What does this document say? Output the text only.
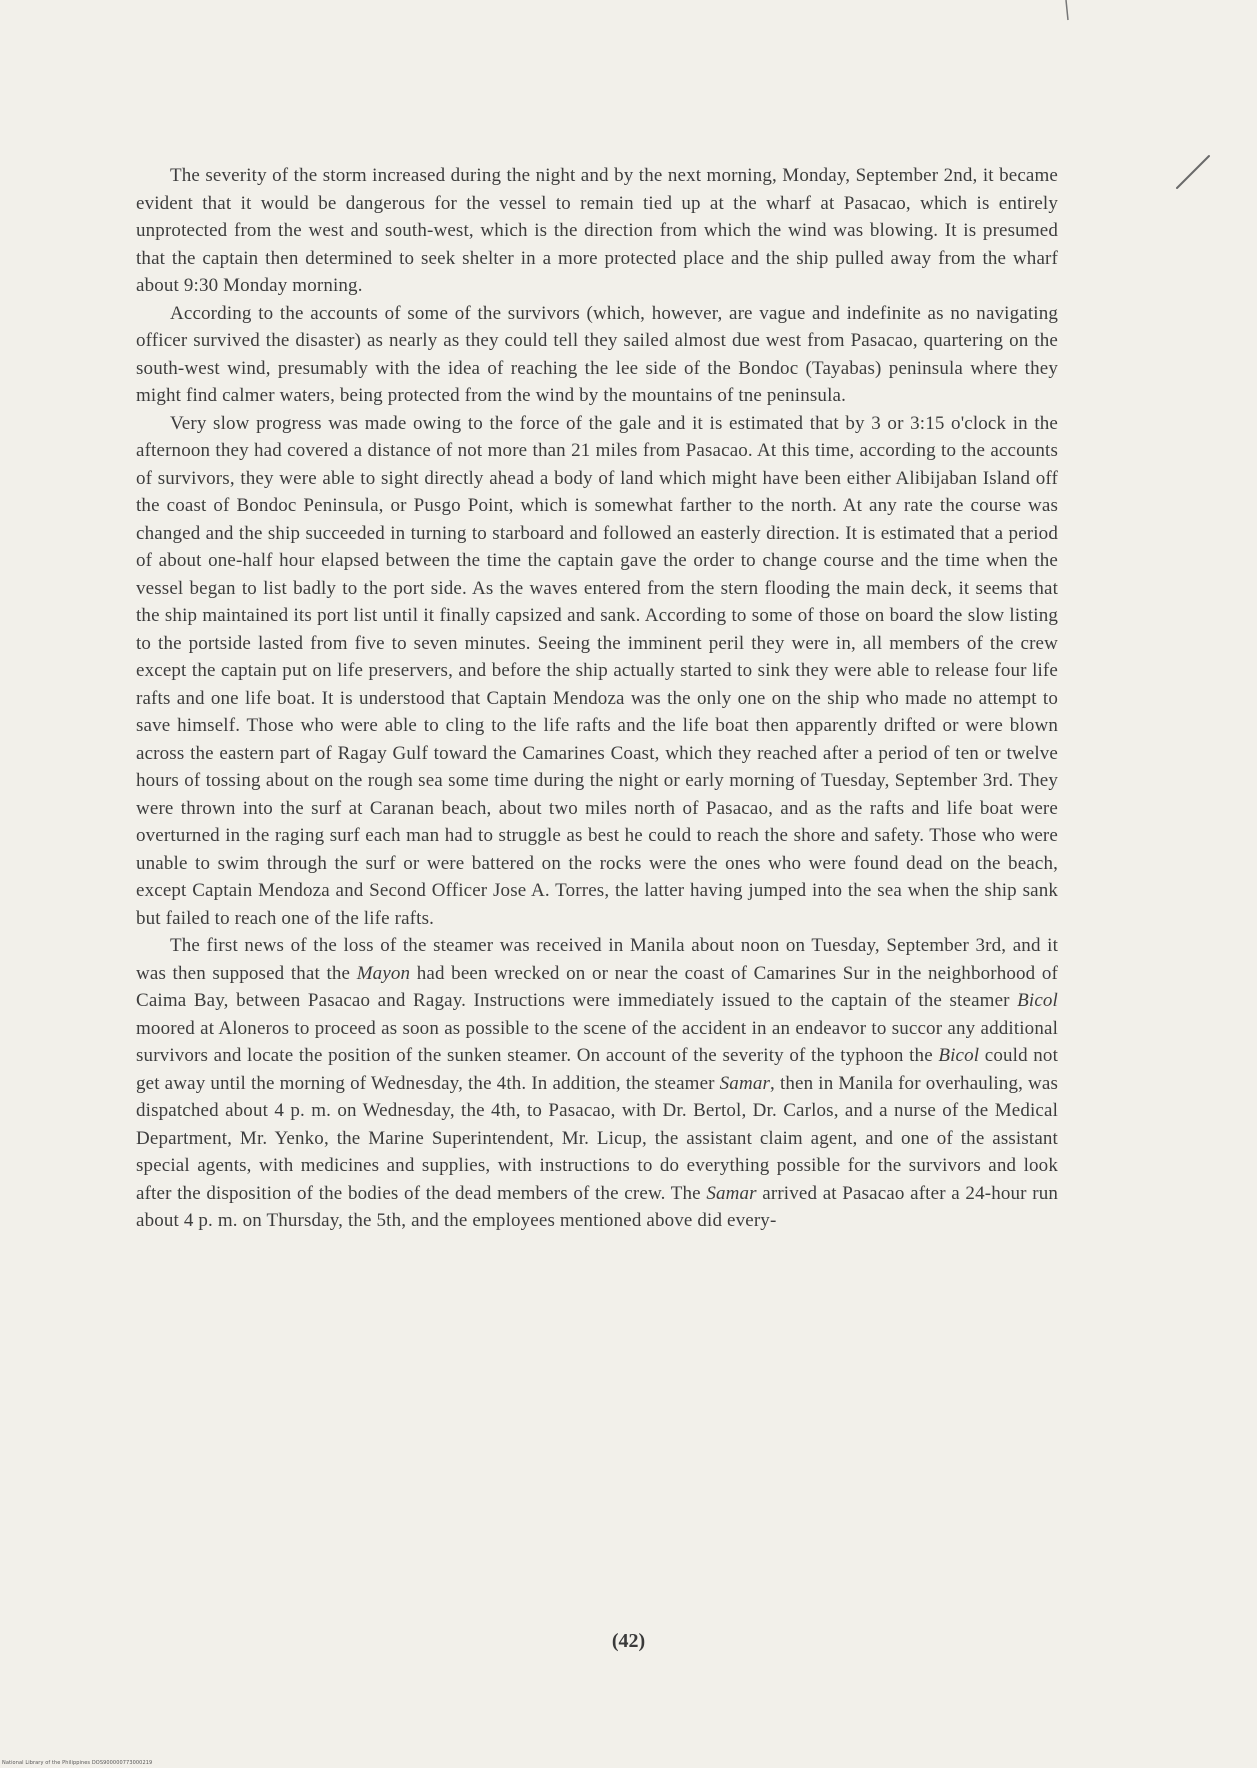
The severity of the storm increased during the night and by the next morning, Monday, September 2nd, it became evident that it would be dangerous for the vessel to remain tied up at the wharf at Pasacao, which is entirely unprotected from the west and south-west, which is the direction from which the wind was blowing. It is presumed that the captain then determined to seek shelter in a more protected place and the ship pulled away from the wharf about 9:30 Monday morning.

According to the accounts of some of the survivors (which, however, are vague and indefinite as no navigating officer survived the disaster) as nearly as they could tell they sailed almost due west from Pasacao, quartering on the south-west wind, presumably with the idea of reaching the lee side of the Bondoc (Tayabas) peninsula where they might find calmer waters, being protected from the wind by the mountains of tne peninsula.

Very slow progress was made owing to the force of the gale and it is estimated that by 3 or 3:15 o'clock in the afternoon they had covered a distance of not more than 21 miles from Pasacao. At this time, according to the accounts of survivors, they were able to sight directly ahead a body of land which might have been either Alibijaban Island off the coast of Bondoc Peninsula, or Pusgo Point, which is somewhat farther to the north. At any rate the course was changed and the ship succeeded in turning to starboard and followed an easterly direction. It is estimated that a period of about one-half hour elapsed between the time the captain gave the order to change course and the time when the vessel began to list badly to the port side. As the waves entered from the stern flooding the main deck, it seems that the ship maintained its port list until it finally capsized and sank. According to some of those on board the slow listing to the portside lasted from five to seven minutes. Seeing the imminent peril they were in, all members of the crew except the captain put on life preservers, and before the ship actually started to sink they were able to release four life rafts and one life boat. It is understood that Captain Mendoza was the only one on the ship who made no attempt to save himself. Those who were able to cling to the life rafts and the life boat then apparently drifted or were blown across the eastern part of Ragay Gulf toward the Camarines Coast, which they reached after a period of ten or twelve hours of tossing about on the rough sea some time during the night or early morning of Tuesday, September 3rd. They were thrown into the surf at Caranan beach, about two miles north of Pasacao, and as the rafts and life boat were overturned in the raging surf each man had to struggle as best he could to reach the shore and safety. Those who were unable to swim through the surf or were battered on the rocks were the ones who were found dead on the beach, except Captain Mendoza and Second Officer Jose A. Torres, the latter having jumped into the sea when the ship sank but failed to reach one of the life rafts.

The first news of the loss of the steamer was received in Manila about noon on Tuesday, September 3rd, and it was then supposed that the Mayon had been wrecked on or near the coast of Camarines Sur in the neighborhood of Caima Bay, between Pasacao and Ragay. Instructions were immediately issued to the captain of the steamer Bicol moored at Aloneros to proceed as soon as possible to the scene of the accident in an endeavor to succor any additional survivors and locate the position of the sunken steamer. On account of the severity of the typhoon the Bicol could not get away until the morning of Wednesday, the 4th. In addition, the steamer Samar, then in Manila for overhauling, was dispatched about 4 p. m. on Wednesday, the 4th, to Pasacao, with Dr. Bertol, Dr. Carlos, and a nurse of the Medical Department, Mr. Yenko, the Marine Superintendent, Mr. Licup, the assistant claim agent, and one of the assistant special agents, with medicines and supplies, with instructions to do everything possible for the survivors and look after the disposition of the bodies of the dead members of the crew. The Samar arrived at Pasacao after a 24-hour run about 4 p. m. on Thursday, the 5th, and the employees mentioned above did every-

(42)
National Library of the Philippines DOS900000773000219
